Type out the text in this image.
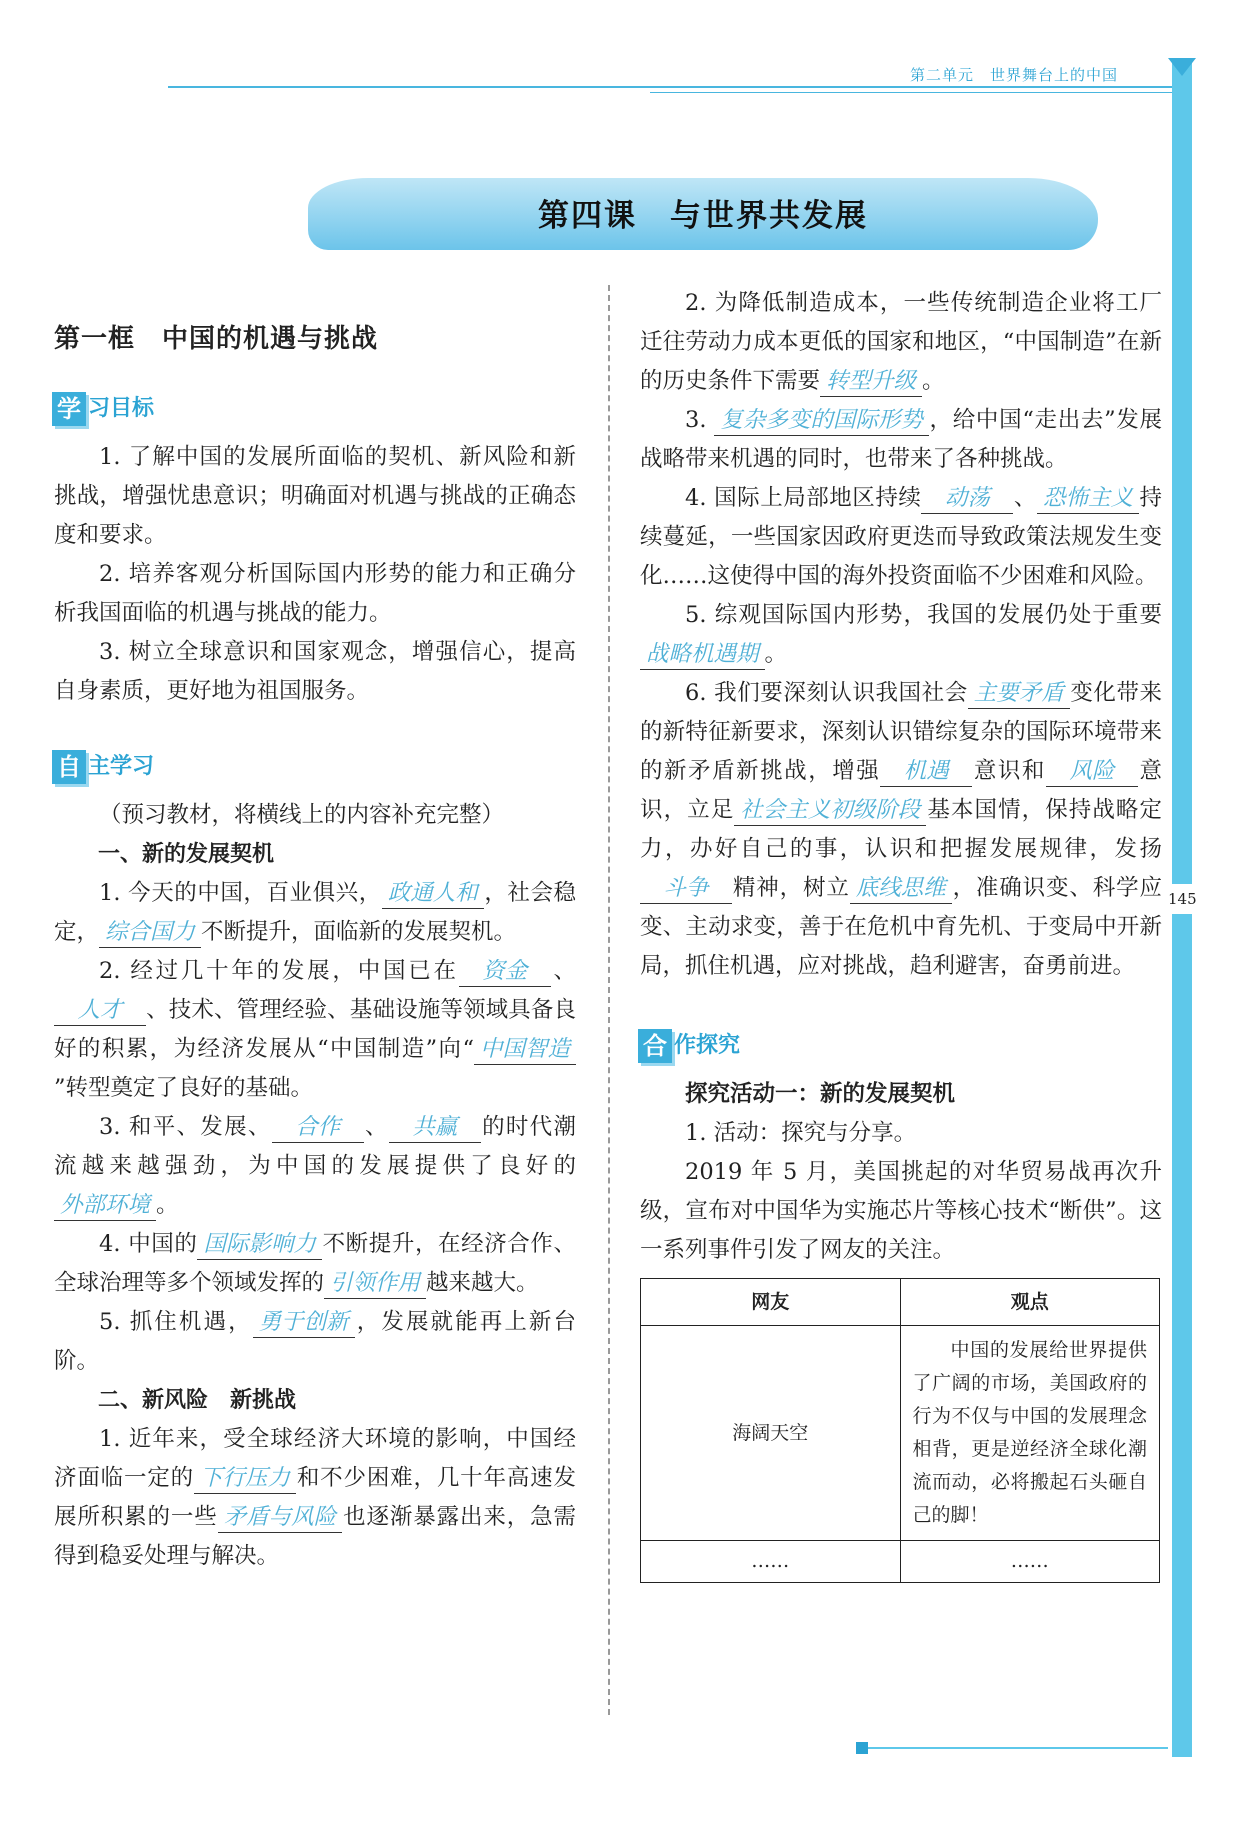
第二单元　世界舞台上的中国
145
第四课　与世界共发展

第一框　中国的机遇与挑战

学 习目标

1. 了解中国的发展所面临的契机、新风险和新挑战，增强忧患意识；明确面对机遇与挑战的正确态度和要求。

2. 培养客观分析国际国内形势的能力和正确分析我国面临的机遇与挑战的能力。

3. 树立全球意识和国家观念，增强信心，提高自身素质，更好地为祖国服务。

自 主学习

（预习教材，将横线上的内容补充完整）

一、新的发展契机

1. 今天的中国，百业俱兴， 政通人和 ，社会稳定， 综合国力 不断提升，面临新的发展契机。

2. 经过几十年的发展，中国已在 资金 、人才 、技术、管理经验、基础设施等领域具备良好的积累，为经济发展从“中国制造”向“ 中国智造”转型奠定了良好的基础。

3. 和平、发展、 合作 、 共赢 的时代潮流越来越强劲，为中国的发展提供了良好的外部环境 。

4. 中国的 国际影响力 不断提升，在经济合作、全球治理等多个领域发挥的 引领作用 越来越大。

5. 抓住机遇， 勇于创新 ，发展就能再上新台阶。

二、新风险　新挑战

1. 近年来，受全球经济大环境的影响，中国经济面临一定的 下行压力 和不少困难，几十年高速发展所积累的一些 矛盾与风险 也逐渐暴露出来，急需得到稳妥处理与解决。

2. 为降低制造成本，一些传统制造企业将工厂迁往劳动力成本更低的国家和地区，“中国制造”在新的历史条件下需要 转型升级 。

3. 复杂多变的国际形势 ，给中国“走出去”发展战略带来机遇的同时，也带来了各种挑战。

4. 国际上局部地区持续 动荡 、 恐怖主义 持续蔓延，一些国家因政府更迭而导致政策法规发生变化……这使得中国的海外投资面临不少困难和风险。

5. 综观国际国内形势，我国的发展仍处于重要战略机遇期 。

6. 我们要深刻认识我国社会 主要矛盾 变化带来的新特征新要求，深刻认识错综复杂的国际环境带来的新矛盾新挑战，增强 机遇 意识和 风险 意识，立足 社会主义初级阶段 基本国情，保持战略定力，办好自己的事，认识和把握发展规律，发扬斗争 精神，树立 底线思维 ，准确识变、科学应变、主动求变，善于在危机中育先机、于变局中开新局，抓住机遇，应对挑战，趋利避害，奋勇前进。

合 作探究

探究活动一：新的发展契机

1. 活动：探究与分享。

2019 年 5 月，美国挑起的对华贸易战再次升级，宣布对中国华为实施芯片等核心技术“断供”。这一系列事件引发了网友的关注。

网友	观点
海阔天空	中国的发展给世界提供了广阔的市场，美国政府的行为不仅与中国的发展理念相背，更是逆经济全球化潮流而动，必将搬起石头砸自己的脚！
……	……
